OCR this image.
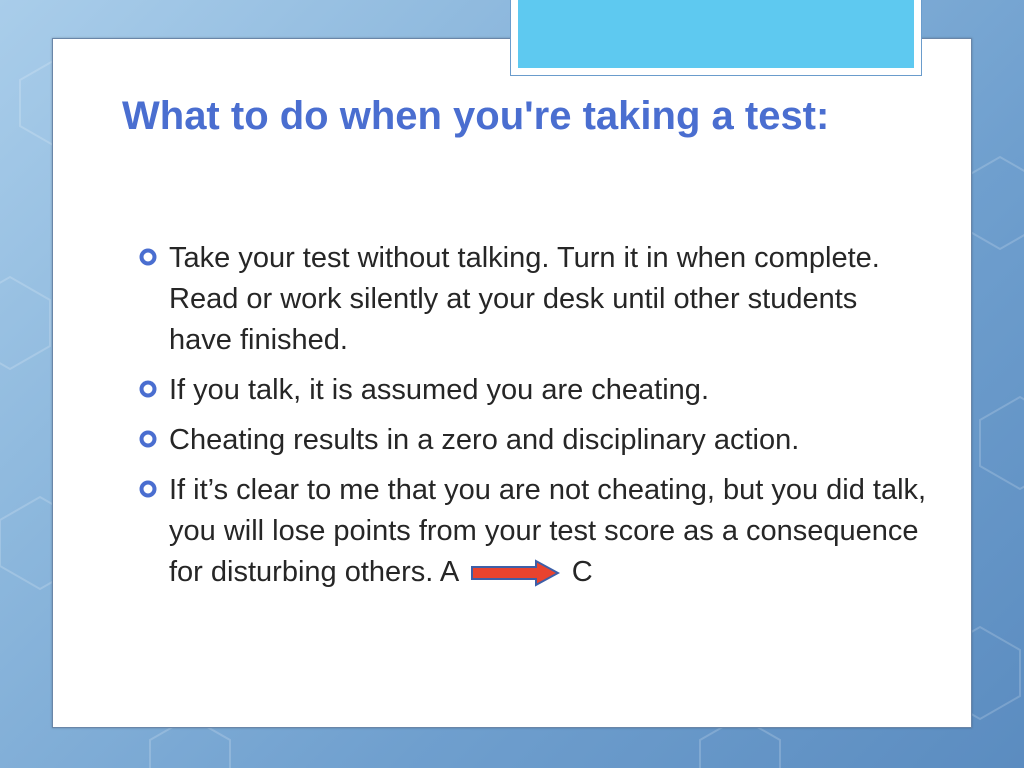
What to do when you're taking a test:
Take your test without talking. Turn it in when complete. Read or work silently at your desk until other students have finished.
If you talk, it is assumed you are cheating.
Cheating results in a zero and disciplinary action.
If it’s clear to me that you are not cheating, but you did talk, you will lose points from your test score as a consequence for disturbing others. A	C
